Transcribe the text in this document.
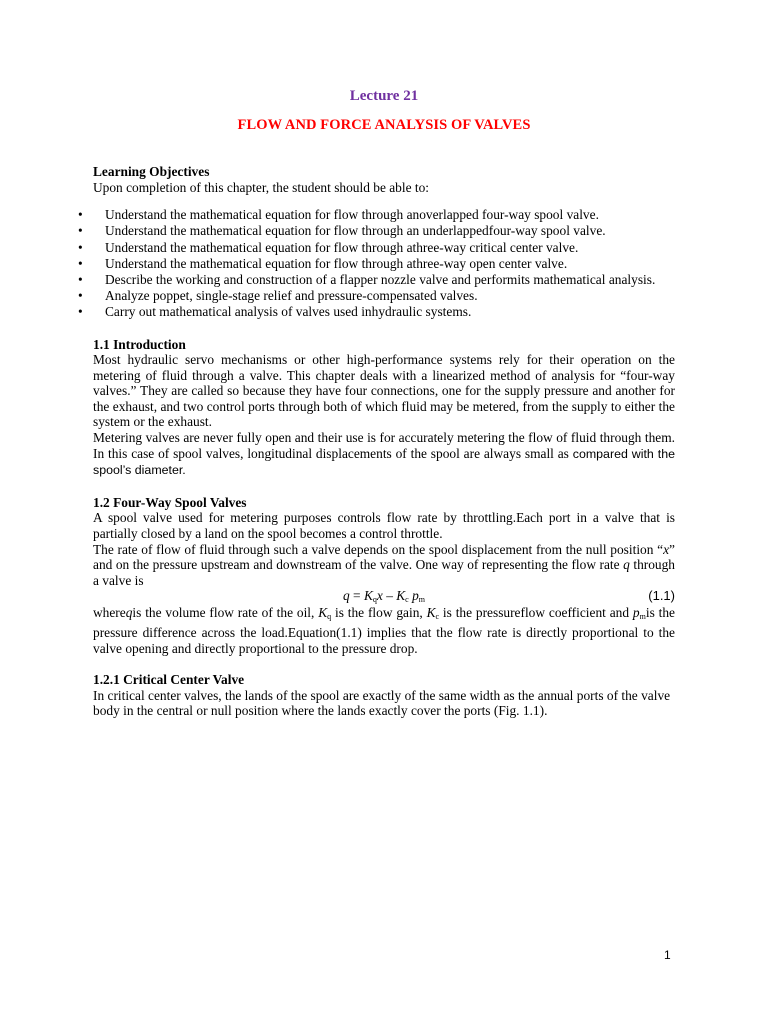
Lecture 21
FLOW AND FORCE ANALYSIS OF VALVES

Learning Objectives

Upon completion of this chapter, the student should be able to:

• Understand the mathematical equation for flow through anoverlapped four-way spool valve.
• Understand the mathematical equation for flow through an underlappedfour-way spool valve.
• Understand the mathematical equation for flow through athree-way critical center valve.
• Understand the mathematical equation for flow through athree-way open center valve.
• Describe the working and construction of a flapper nozzle valve and performits mathematical analysis.
• Analyze poppet, single-stage relief and pressure-compensated valves.
• Carry out mathematical analysis of valves used inhydraulic systems.

1.1 Introduction

Most hydraulic servo mechanisms or other high-performance systems rely for their operation on the metering of fluid through a valve. This chapter deals with a linearized method of analysis for “four-way valves.” They are called so because they have four connections, one for the supply pressure and another for the exhaust, and two control ports through both of which fluid may be metered, from the supply to either the system or the exhaust.

Metering valves are never fully open and their use is for accurately metering the flow of fluid through them. In this case of spool valves, longitudinal displacements of the spool are always small as compared with the spool’s diameter.

1.2 Four-Way Spool Valves

A spool valve used for metering purposes controls flow rate by throttling.Each port in a valve that is partially closed by a land on the spool becomes a control throttle.

The rate of flow of fluid through such a valve depends on the spool displacement from the null position “x” and on the pressure upstream and downstream of the valve. One way of representing the flow rate q through a valve is

$q = K_qx - K_c$ $p_m$	(1.1)

whereqis the volume flow rate of the oil, $K_q$ is the flow gain, $K_c$ is the pressureflow coefficient and $p_mis$ the pressure difference across the load.Equation(1.1) implies that the flow rate is directly proportional to the valve opening and directly proportional to the pressure drop.

1.2.1 Critical Center Valve

In critical center valves, the lands of the spool are exactly of the same width as the annual ports of the valve body in the central or null position where the lands exactly cover the ports (Fig. 1.1).

1
